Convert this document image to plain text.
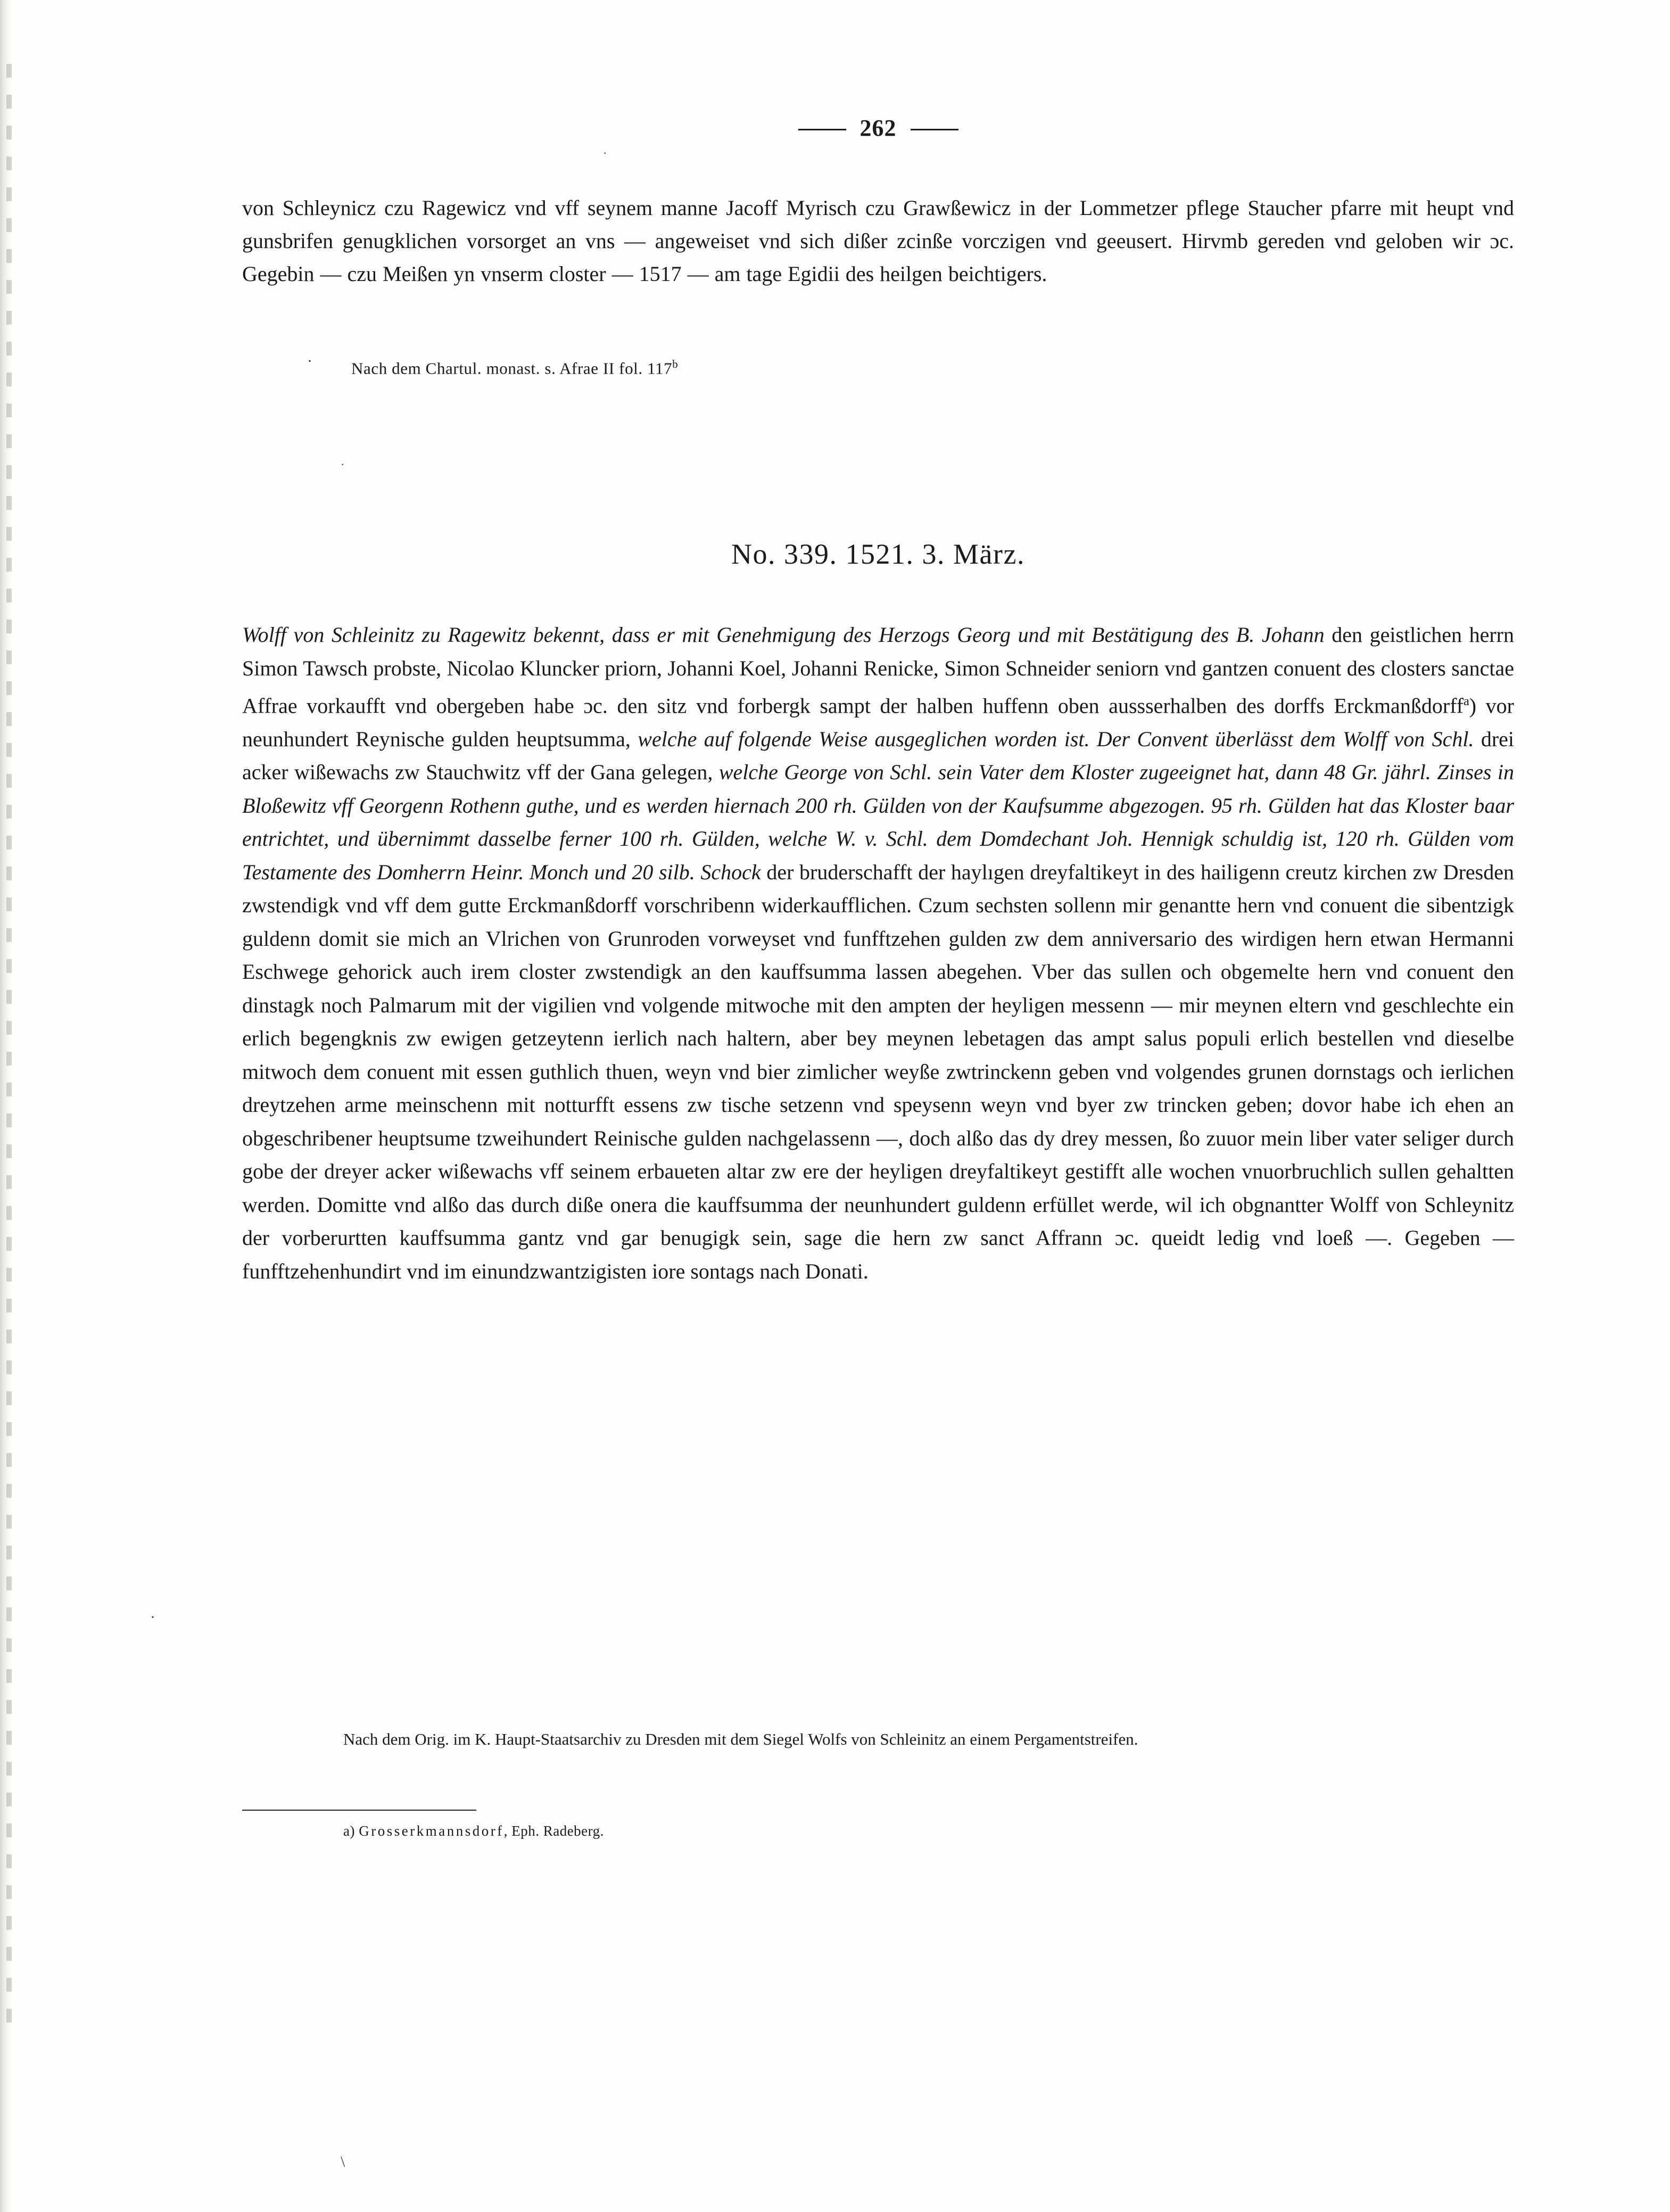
262

von Schleynicz czu Ragewicz vnd vff seynem manne Jacoff Myrisch czu Grawßewicz in der Lommetzer pflege Staucher pfarre mit heupt vnd gunsbrifen genugklichen vorsorget an vns — angeweiset vnd sich dißer zcinße vorczigen vnd geeusert. Hirvmb gereden vnd geloben wir ɔc. Gegebin — czu Meißen yn vnserm closter — 1517 — am tage Egidii des heilgen beichtigers.

· Nach dem Chartul. monast. s. Afrae II fol. 117$^b$
No. 339. 1521. 3. März.
Wolff von Schleinitz zu Ragewitz bekennt, dass er mit Genehmigung des Herzogs Georg und mit Bestätigung des B. Johann den geistlichen herrn Simon Tawsch probste, Nicolao Kluncker priorn, Johanni Koel, Johanni Renicke, Simon Schneider seniorn vnd gantzen conuent des closters sanctae Affrae vorkaufft vnd obergeben habe ɔc. den sitz vnd forbergk sampt der halben huffenn oben aussserhalben des dorffs Erckmanßdorff$^a$) vor neunhundert Reynische gulden heuptsumma, welche auf folgende Weise ausgeglichen worden ist. Der Convent überlässt dem Wolff von Schl. drei acker wißewachs zw Stauchwitz vff der Gana gelegen, welche George von Schl. sein Vater dem Kloster zugeeignet hat, dann 48 Gr. jährl. Zinses in Bloßewitz vff Georgenn Rothenn guthe, und es werden hiernach 200 rh. Gülden von der Kaufsumme abgezogen. 95 rh. Gülden hat das Kloster baar entrichtet, und übernimmt dasselbe ferner 100 rh. Gülden, welche W. v. Schl. dem Domdechant Joh. Hennigk schuldig ist, 120 rh. Gülden vom Testamente des Domherrn Heinr. Monch und 20 silb. Schock der bruderschafft der haylıgen dreyfaltikeyt in des hailigenn creutz kirchen zw Dresden zwstendigk vnd vff dem gutte Erckmanßdorff vorschribenn widerkaufflichen. Czum sechsten sollenn mir genantte hern vnd conuent die sibentzigk guldenn domit sie mich an Vlrichen von Grunroden vorweyset vnd funfftzehen gulden zw dem anniversario des wirdigen hern etwan Hermanni Eschwege gehorick auch irem closter zwstendigk an den kauffsumma lassen abegehen. Vber das sullen och obgemelte hern vnd conuent den dinstagk noch Palmarum mit der vigilien vnd volgende mitwoche mit den ampten der heyligen messenn — mir meynen eltern vnd geschlechte ein erlich begengknis zw ewigen getzeytenn ierlich nach haltern, aber bey meynen lebetagen das ampt salus populi erlich bestellen vnd dieselbe mitwoch dem conuent mit essen guthlich thuen, weyn vnd bier zimlicher weyße zwtrinckenn geben vnd volgendes grunen dornstags och ierlichen dreytzehen arme meinschenn mit notturfft essens zw tische setzenn vnd speysenn weyn vnd byer zw trincken geben; dovor habe ich ehen an obgeschribener heuptsume tzweihundert Reinische gulden nachgelassenn —, doch alßo das dy drey messen, ßo zuuor mein liber vater seliger durch gobe der dreyer acker wißewachs vff seinem erbaueten altar zw ere der heyligen dreyfaltikeyt gestifft alle wochen vnuorbruchlich sullen gehaltten werden. Domitte vnd alßo das durch diße onera die kauffsumma der neunhundert guldenn erfüllet werde, wil ich obgnantter Wolff von Schleynitz der vorberurtten kauffsumma gantz vnd gar benugigk sein, sage die hern zw sanct Affrann ɔc. queidt ledig vnd loeß —. Gegeben — funfftzehenhundirt vnd im einundzwantzigisten iore sontags nach Donati.
Nach dem Orig. im K. Haupt-Staatsarchiv zu Dresden mit dem Siegel Wolfs von Schleinitz an einem Pergamentstreifen.
a) Grosserkmannsdorf, Eph. Radeberg.
·
\
·
·
